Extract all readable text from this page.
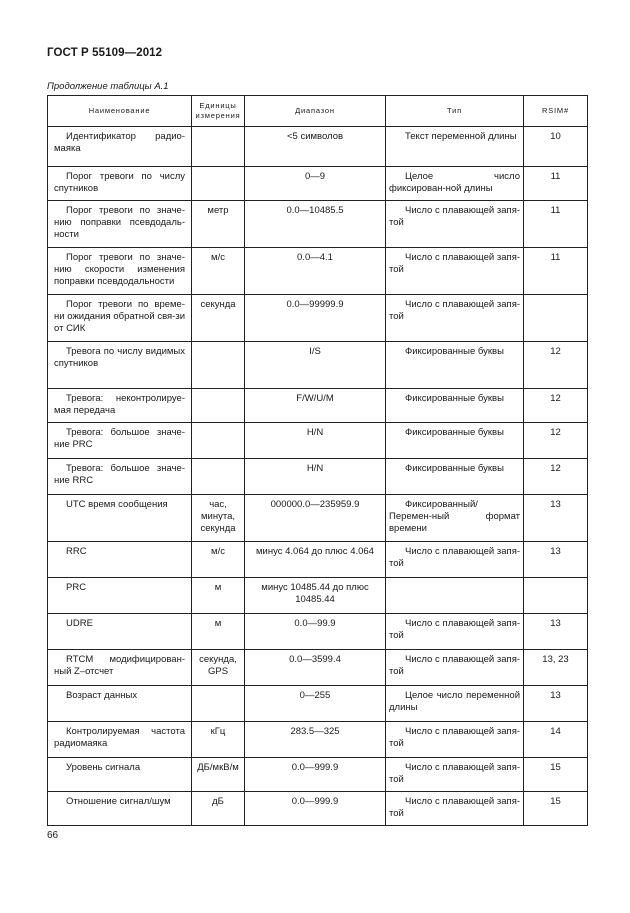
ГОСТ Р 55109—2012
Продолжение таблицы А.1
Наименование	Единицы измерения	Диапазон	Тип	RSIM#
Идентификатор радио-маяка		<5 символов	Текст переменной длины	10
Порог тревоги по числу спутников		0—9	Целое число фиксирован-ной длины	11
Порог тревоги по значе-нию поправки псевдодаль-ности	метр	0.0—10485.5	Число с плавающей запя-той	11
Порог тревоги по значе-нию скорости изменения поправки псевдодальности	м/с	0.0—4.1	Число с плавающей запя-той	11
Порог тревоги по време-ни ожидания обратной свя-зи от СИК	секунда	0.0—99999.9	Число с плавающей запя-той	
Тревога по числу видимых спутников		I/S	Фиксированные буквы	12
Тревога: неконтролируе-мая передача		F/W/U/M	Фиксированные буквы	12
Тревога: большое значе-ние PRC		H/N	Фиксированные буквы	12
Тревога: большое значе-ние RRC		H/N	Фиксированные буквы	12
UTC время сообщения	час, минута, секунда	000000.0—235959.9	Фиксированный/Перемен-ный формат времени	13
RRC	м/с	минус 4.064 до плюс 4.064	Число с плавающей запя-той	13
PRC	м	минус 10485.44 до плюс 10485.44		
UDRE	м	0.0—99.9	Число с плавающей запя-той	13
RTCM модифицирован-ный Z–отсчет	секунда, GPS	0.0—3599.4	Число с плавающей запя-той	13, 23
Возраст данных		0—255	Целое число переменной длины	13
Контролируемая частота радиомаяка	кГц	283.5—325	Число с плавающей запя-той	14
Уровень сигнала	ДБ/мкВ/м	0.0—999.9	Число с плавающей запя-той	15
Отношение сигнал/шум	дБ	0.0—999.9	Число с плавающей запя-той	15
66
